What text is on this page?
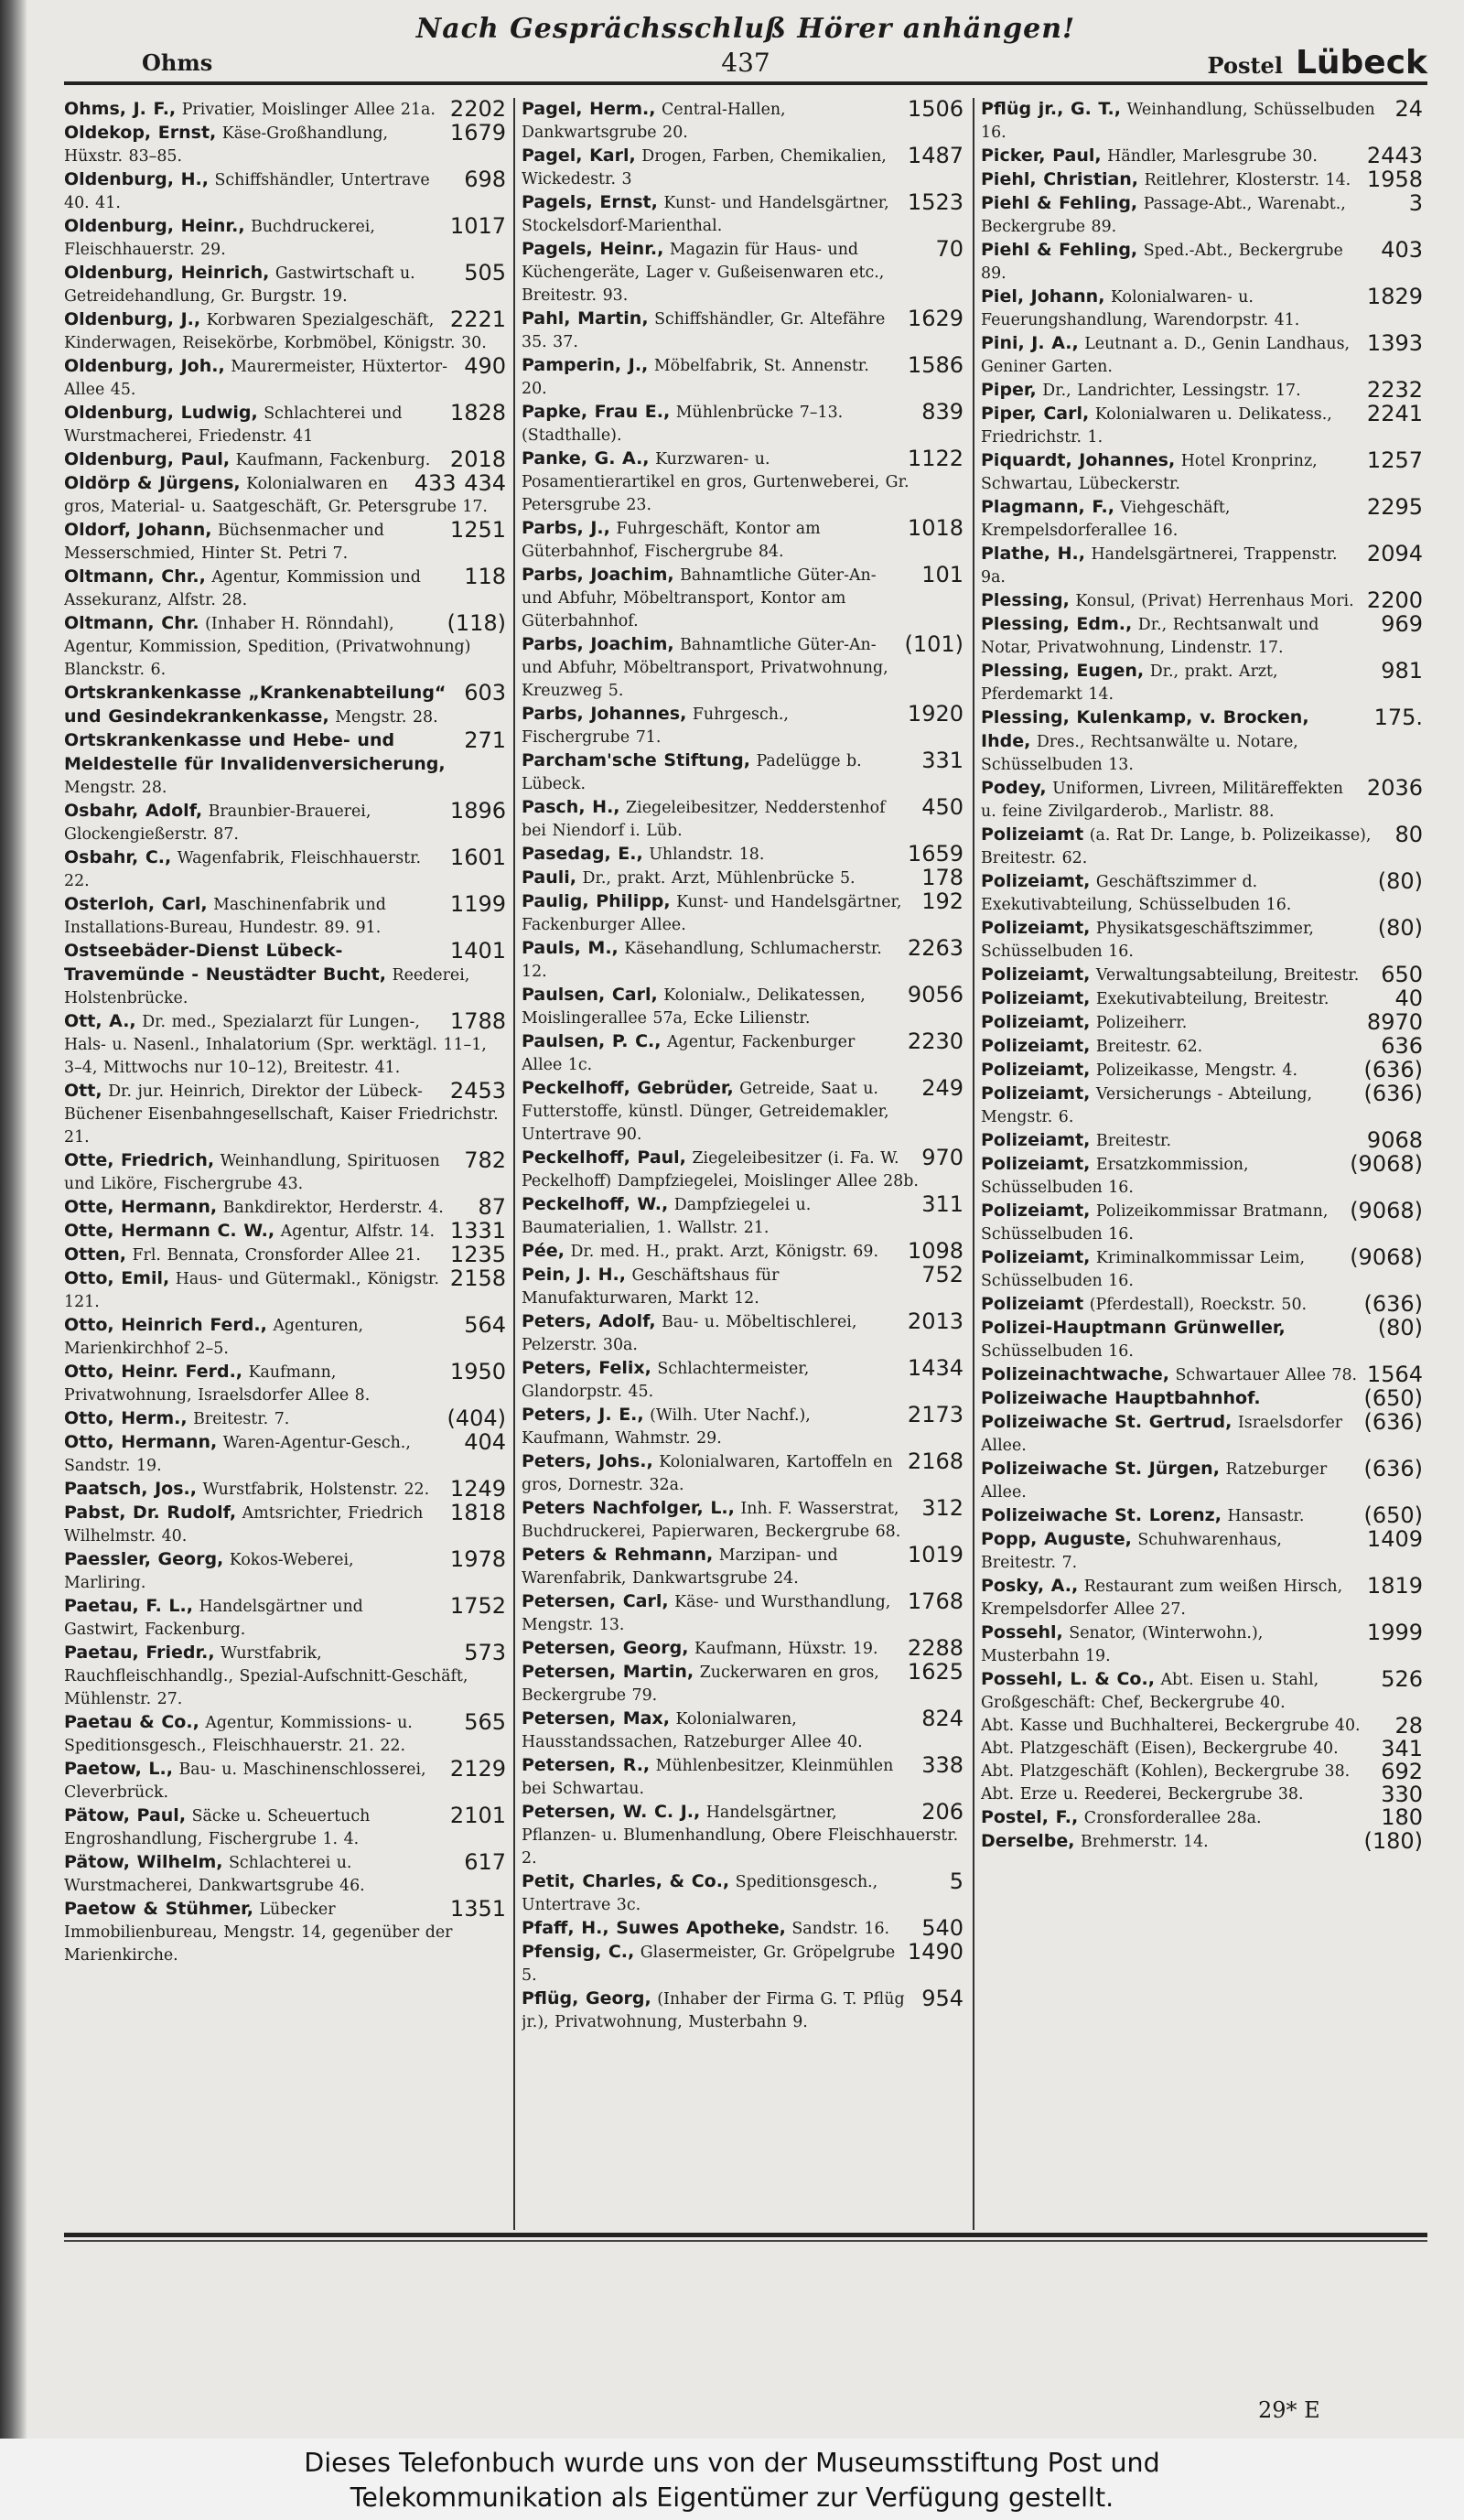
Nach Gesprächsschluß Hörer anhängen!
Ohms	437	Postel Lübeck
2202
Ohms, J. F., Privatier, Moislinger Allee 21a.
1679
Oldekop, Ernst, Käse-Großhandlung, Hüxstr. 83–85.
698
Oldenburg, H., Schiffshändler, Untertrave 40. 41.
1017
Oldenburg, Heinr., Buchdruckerei, Fleischhauerstr. 29.
505
Oldenburg, Heinrich, Gastwirtschaft u. Getreidehandlung, Gr. Burgstr. 19.
2221
Oldenburg, J., Korbwaren Spezialgeschäft, Kinderwagen, Reisekörbe, Korbmöbel, Königstr. 30.
490
Oldenburg, Joh., Maurermeister, Hüxtertor-Allee 45.
1828
Oldenburg, Ludwig, Schlachterei und Wurstmacherei, Friedenstr. 41
2018
Oldenburg, Paul, Kaufmann, Fackenburg.
433 434
Oldörp & Jürgens, Kolonialwaren en gros, Material- u. Saatgeschäft, Gr. Petersgrube 17.
1251
Oldorf, Johann, Büchsenmacher und Messerschmied, Hinter St. Petri 7.
118
Oltmann, Chr., Agentur, Kommission und Assekuranz, Alfstr. 28.
(118)
Oltmann, Chr. (Inhaber H. Rönndahl), Agentur, Kommission, Spedition, (Privatwohnung) Blanckstr. 6.
603
Ortskrankenkasse „Krankenabteilung“ und Gesindekrankenkasse, Mengstr. 28.
271
Ortskrankenkasse und Hebe- und Meldestelle für Invalidenversicherung, Mengstr. 28.
1896
Osbahr, Adolf, Braunbier-Brauerei, Glockengießerstr. 87.
1601
Osbahr, C., Wagenfabrik, Fleischhauerstr. 22.
1199
Osterloh, Carl, Maschinenfabrik und Installations-Bureau, Hundestr. 89. 91.
1401
Ostseebäder-Dienst Lübeck-Travemünde - Neustädter Bucht, Reederei, Holstenbrücke.
1788
Ott, A., Dr. med., Spezialarzt für Lungen-, Hals- u. Nasenl., Inhalatorium (Spr. werktägl. 11–1, 3–4, Mittwochs nur 10–12), Breitestr. 41.
2453
Ott, Dr. jur. Heinrich, Direktor der Lübeck-Büchener Eisenbahngesellschaft, Kaiser Friedrichstr. 21.
782
Otte, Friedrich, Weinhandlung, Spirituosen und Liköre, Fischergrube 43.
87
Otte, Hermann, Bankdirektor, Herderstr. 4.
1331
Otte, Hermann C. W., Agentur, Alfstr. 14.
1235
Otten, Frl. Bennata, Cronsforder Allee 21.
2158
Otto, Emil, Haus- und Gütermakl., Königstr. 121.
564
Otto, Heinrich Ferd., Agenturen, Marienkirchhof 2–5.
1950
Otto, Heinr. Ferd., Kaufmann, Privatwohnung, Israelsdorfer Allee 8.
(404)
Otto, Herm., Breitestr. 7.
404
Otto, Hermann, Waren-Agentur-Gesch., Sandstr. 19.
1249
Paatsch, Jos., Wurstfabrik, Holstenstr. 22.
1818
Pabst, Dr. Rudolf, Amtsrichter, Friedrich Wilhelmstr. 40.
1978
Paessler, Georg, Kokos-Weberei, Marliring.
1752
Paetau, F. L., Handelsgärtner und Gastwirt, Fackenburg.
573
Paetau, Friedr., Wurstfabrik, Rauchfleischhandlg., Spezial-Aufschnitt-Geschäft, Mühlenstr. 27.
565
Paetau & Co., Agentur, Kommissions- u. Speditionsgesch., Fleischhauerstr. 21. 22.
2129
Paetow, L., Bau- u. Maschinenschlosserei, Cleverbrück.
2101
Pätow, Paul, Säcke u. Scheuertuch Engroshandlung, Fischergrube 1. 4.
617
Pätow, Wilhelm, Schlachterei u. Wurstmacherei, Dankwartsgrube 46.
1351
Paetow & Stühmer, Lübecker Immobilienbureau, Mengstr. 14, gegenüber der Marienkirche.
1506
Pagel, Herm., Central-Hallen, Dankwartsgrube 20.
1487
Pagel, Karl, Drogen, Farben, Chemikalien, Wickedestr. 3
1523
Pagels, Ernst, Kunst- und Handelsgärtner, Stockelsdorf-Marienthal.
70
Pagels, Heinr., Magazin für Haus- und Küchengeräte, Lager v. Gußeisenwaren etc., Breitestr. 93.
1629
Pahl, Martin, Schiffshändler, Gr. Altefähre 35. 37.
1586
Pamperin, J., Möbelfabrik, St. Annenstr. 20.
839
Papke, Frau E., Mühlenbrücke 7–13. (Stadthalle).
1122
Panke, G. A., Kurzwaren- u. Posamentierartikel en gros, Gurtenweberei, Gr. Petersgrube 23.
1018
Parbs, J., Fuhrgeschäft, Kontor am Güterbahnhof, Fischergrube 84.
101
Parbs, Joachim, Bahnamtliche Güter-An- und Abfuhr, Möbeltransport, Kontor am Güterbahnhof.
(101)
Parbs, Joachim, Bahnamtliche Güter-An- und Abfuhr, Möbeltransport, Privatwohnung, Kreuzweg 5.
1920
Parbs, Johannes, Fuhrgesch., Fischergrube 71.
331
Parcham'sche Stiftung, Padelügge b. Lübeck.
450
Pasch, H., Ziegeleibesitzer, Nedderstenhof bei Niendorf i. Lüb.
1659
Pasedag, E., Uhlandstr. 18.
178
Pauli, Dr., prakt. Arzt, Mühlenbrücke 5.
192
Paulig, Philipp, Kunst- und Handelsgärtner, Fackenburger Allee.
2263
Pauls, M., Käsehandlung, Schlumacherstr. 12.
9056
Paulsen, Carl, Kolonialw., Delikatessen, Moislingerallee 57a, Ecke Lilienstr.
2230
Paulsen, P. C., Agentur, Fackenburger Allee 1c.
249
Peckelhoff, Gebrüder, Getreide, Saat u. Futterstoffe, künstl. Dünger, Getreidemakler, Untertrave 90.
970
Peckelhoff, Paul, Ziegeleibesitzer (i. Fa. W. Peckelhoff) Dampfziegelei, Moislinger Allee 28b.
311
Peckelhoff, W., Dampfziegelei u. Baumaterialien, 1. Wallstr. 21.
1098
Pée, Dr. med. H., prakt. Arzt, Königstr. 69.
752
Pein, J. H., Geschäftshaus für Manufakturwaren, Markt 12.
2013
Peters, Adolf, Bau- u. Möbeltischlerei, Pelzerstr. 30a.
1434
Peters, Felix, Schlachtermeister, Glandorpstr. 45.
2173
Peters, J. E., (Wilh. Uter Nachf.), Kaufmann, Wahmstr. 29.
2168
Peters, Johs., Kolonialwaren, Kartoffeln en gros, Dornestr. 32a.
312
Peters Nachfolger, L., Inh. F. Wasserstrat, Buchdruckerei, Papierwaren, Beckergrube 68.
1019
Peters & Rehmann, Marzipan- und Warenfabrik, Dankwartsgrube 24.
1768
Petersen, Carl, Käse- und Wursthandlung, Mengstr. 13.
2288
Petersen, Georg, Kaufmann, Hüxstr. 19.
1625
Petersen, Martin, Zuckerwaren en gros, Beckergrube 79.
824
Petersen, Max, Kolonialwaren, Hausstandssachen, Ratzeburger Allee 40.
338
Petersen, R., Mühlenbesitzer, Kleinmühlen bei Schwartau.
206
Petersen, W. C. J., Handelsgärtner, Pflanzen- u. Blumenhandlung, Obere Fleischhauerstr. 2.
5
Petit, Charles, & Co., Speditionsgesch., Untertrave 3c.
540
Pfaff, H., Suwes Apotheke, Sandstr. 16.
1490
Pfensig, C., Glasermeister, Gr. Gröpelgrube 5.
954
Pflüg, Georg, (Inhaber der Firma G. T. Pflüg jr.), Privatwohnung, Musterbahn 9.
24
Pflüg jr., G. T., Weinhandlung, Schüsselbuden 16.
2443
Picker, Paul, Händler, Marlesgrube 30.
1958
Piehl, Christian, Reitlehrer, Klosterstr. 14.
3
Piehl & Fehling, Passage-Abt., Warenabt., Beckergrube 89.
403
Piehl & Fehling, Sped.-Abt., Beckergrube 89.
1829
Piel, Johann, Kolonialwaren- u. Feuerungshandlung, Warendorpstr. 41.
1393
Pini, J. A., Leutnant a. D., Genin Landhaus, Geniner Garten.
2232
Piper, Dr., Landrichter, Lessingstr. 17.
2241
Piper, Carl, Kolonialwaren u. Delikatess., Friedrichstr. 1.
1257
Piquardt, Johannes, Hotel Kronprinz, Schwartau, Lübeckerstr.
2295
Plagmann, F., Viehgeschäft, Krempelsdorferallee 16.
2094
Plathe, H., Handelsgärtnerei, Trappenstr. 9a.
2200
Plessing, Konsul, (Privat) Herrenhaus Mori.
969
Plessing, Edm., Dr., Rechtsanwalt und Notar, Privatwohnung, Lindenstr. 17.
981
Plessing, Eugen, Dr., prakt. Arzt, Pferdemarkt 14.
175.
Plessing, Kulenkamp, v. Brocken, Ihde, Dres., Rechtsanwälte u. Notare, Schüsselbuden 13.
2036
Podey, Uniformen, Livreen, Militäreffekten u. feine Zivilgarderob., Marlistr. 88.
80
Polizeiamt (a. Rat Dr. Lange, b. Polizeikasse), Breitestr. 62.
(80)
Polizeiamt, Geschäftszimmer d. Exekutivabteilung, Schüsselbuden 16.
(80)
Polizeiamt, Physikatsgeschäftszimmer, Schüsselbuden 16.
650
Polizeiamt, Verwaltungsabteilung, Breitestr.
40
Polizeiamt, Exekutivabteilung, Breitestr.
8970
Polizeiamt, Polizeiherr.
636
Polizeiamt, Breitestr. 62.
(636)
Polizeiamt, Polizeikasse, Mengstr. 4.
(636)
Polizeiamt, Versicherungs - Abteilung, Mengstr. 6.
9068
Polizeiamt, Breitestr.
(9068)
Polizeiamt, Ersatzkommission, Schüsselbuden 16.
(9068)
Polizeiamt, Polizeikommissar Bratmann, Schüsselbuden 16.
(9068)
Polizeiamt, Kriminalkommissar Leim, Schüsselbuden 16.
(636)
Polizeiamt (Pferdestall), Roeckstr. 50.
(80)
Polizei-Hauptmann Grünweller, Schüsselbuden 16.
1564
Polizeinachtwache, Schwartauer Allee 78.
(650)
Polizeiwache Hauptbahnhof.
(636)
Polizeiwache St. Gertrud, Israelsdorfer Allee.
(636)
Polizeiwache St. Jürgen, Ratzeburger Allee.
(650)
Polizeiwache St. Lorenz, Hansastr.
1409
Popp, Auguste, Schuhwarenhaus, Breitestr. 7.
1819
Posky, A., Restaurant zum weißen Hirsch, Krempelsdorfer Allee 27.
1999
Possehl, Senator, (Winterwohn.), Musterbahn 19.
526
Possehl, L. & Co., Abt. Eisen u. Stahl, Großgeschäft: Chef, Beckergrube 40.
28
Abt. Kasse und Buchhalterei, Beckergrube 40.
341
Abt. Platzgeschäft (Eisen), Beckergrube 40.
692
Abt. Platzgeschäft (Kohlen), Beckergrube 38.
330
Abt. Erze u. Reederei, Beckergrube 38.
180
Postel, F., Cronsforderallee 28a.
(180)
Derselbe, Brehmerstr. 14.
29* E
Dieses Telefonbuch wurde uns von der Museumsstiftung Post und
Telekommunikation als Eigentümer zur Verfügung gestellt.
